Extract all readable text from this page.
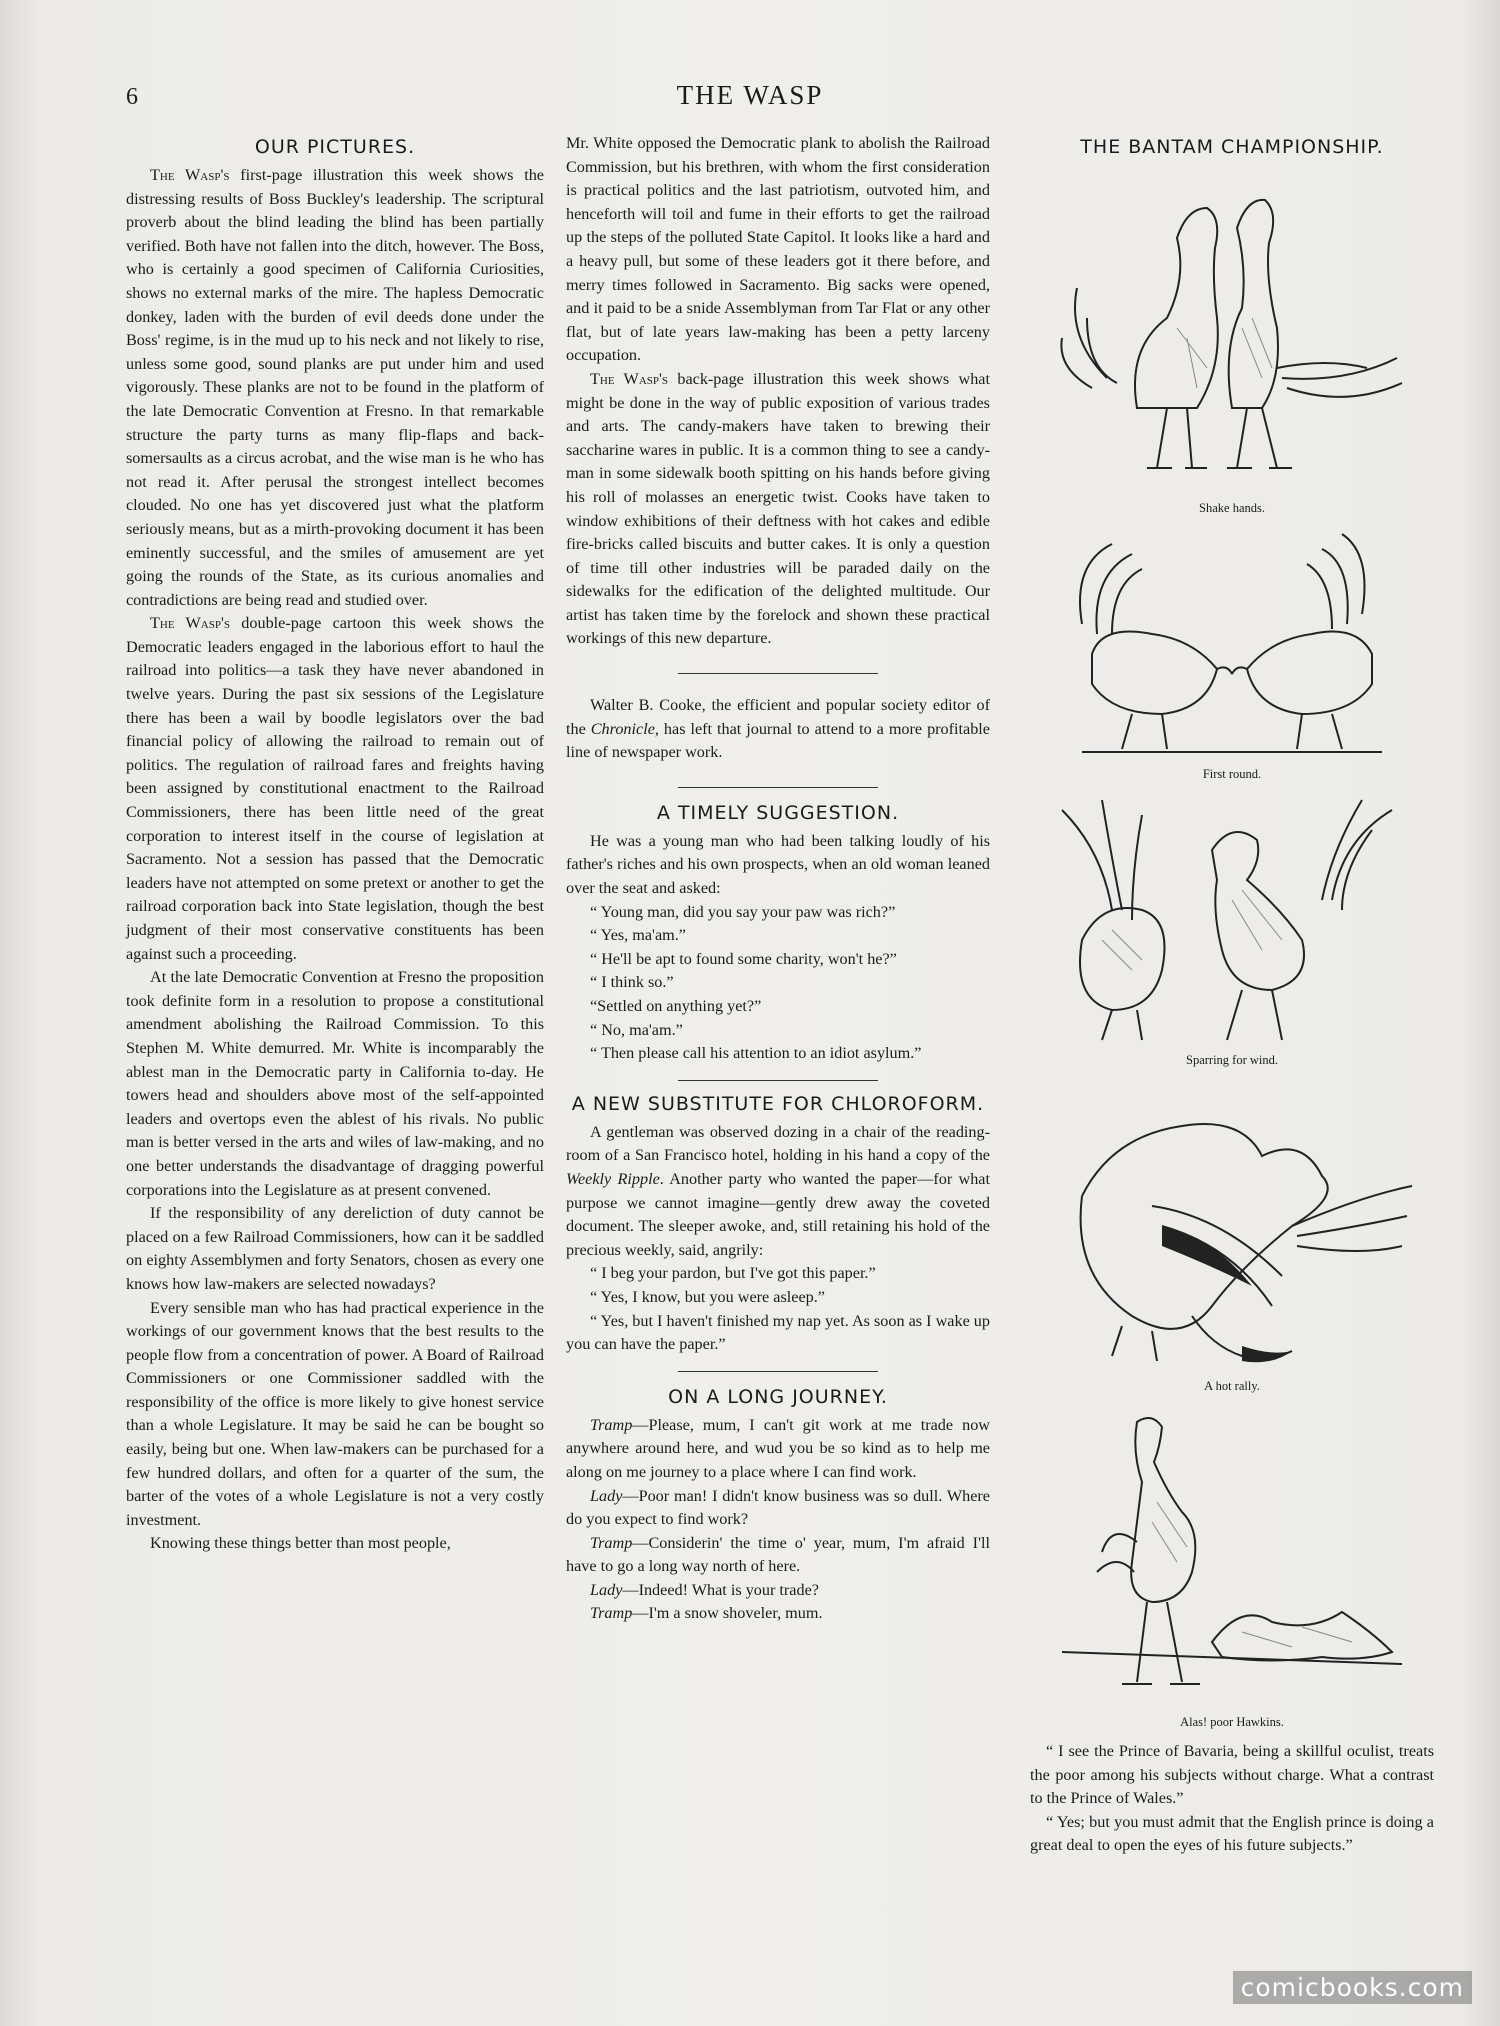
6	THE WASP
OUR PICTURES.

The Wasp's first-page illustration this week shows the distressing results of Boss Buckley's leadership. The scriptural proverb about the blind leading the blind has been partially verified. Both have not fallen into the ditch, however. The Boss, who is certainly a good specimen of California Curiosities, shows no external marks of the mire. The hapless Democratic donkey, laden with the burden of evil deeds done under the Boss' regime, is in the mud up to his neck and not likely to rise, unless some good, sound planks are put under him and used vigorously. These planks are not to be found in the platform of the late Democratic Convention at Fresno. In that remarkable structure the party turns as many flip-flaps and back-somersaults as a circus acrobat, and the wise man is he who has not read it. After perusal the strongest intellect becomes clouded. No one has yet discovered just what the platform seriously means, but as a mirth-provoking document it has been eminently successful, and the smiles of amusement are yet going the rounds of the State, as its curious anomalies and contradictions are being read and studied over.

The Wasp's double-page cartoon this week shows the Democratic leaders engaged in the laborious effort to haul the railroad into politics—a task they have never abandoned in twelve years. During the past six sessions of the Legislature there has been a wail by boodle legislators over the bad financial policy of allowing the railroad to remain out of politics. The regulation of railroad fares and freights having been assigned by constitutional enactment to the Railroad Commissioners, there has been little need of the great corporation to interest itself in the course of legislation at Sacramento. Not a session has passed that the Democratic leaders have not attempted on some pretext or another to get the railroad corporation back into State legislation, though the best judgment of their most conservative constituents has been against such a proceeding.

At the late Democratic Convention at Fresno the proposition took definite form in a resolution to propose a constitutional amendment abolishing the Railroad Commission. To this Stephen M. White demurred. Mr. White is incomparably the ablest man in the Democratic party in California to-day. He towers head and shoulders above most of the self-appointed leaders and overtops even the ablest of his rivals. No public man is better versed in the arts and wiles of law-making, and no one better understands the disadvantage of dragging powerful corporations into the Legislature as at present convened.

If the responsibility of any dereliction of duty cannot be placed on a few Railroad Commissioners, how can it be saddled on eighty Assemblymen and forty Senators, chosen as every one knows how law-makers are selected nowadays?

Every sensible man who has had practical experience in the workings of our government knows that the best results to the people flow from a concentration of power. A Board of Railroad Commissioners or one Commissioner saddled with the responsibility of the office is more likely to give honest service than a whole Legislature. It may be said he can be bought so easily, being but one. When law-makers can be purchased for a few hundred dollars, and often for a quarter of the sum, the barter of the votes of a whole Legislature is not a very costly investment.

Knowing these things better than most people,

Mr. White opposed the Democratic plank to abolish the Railroad Commission, but his brethren, with whom the first consideration is practical politics and the last patriotism, outvoted him, and henceforth will toil and fume in their efforts to get the railroad up the steps of the polluted State Capitol. It looks like a hard and a heavy pull, but some of these leaders got it there before, and merry times followed in Sacramento. Big sacks were opened, and it paid to be a snide Assemblyman from Tar Flat or any other flat, but of late years law-making has been a petty larceny occupation.

The Wasp's back-page illustration this week shows what might be done in the way of public exposition of various trades and arts. The candy-makers have taken to brewing their saccharine wares in public. It is a common thing to see a candy-man in some sidewalk booth spitting on his hands before giving his roll of molasses an energetic twist. Cooks have taken to window exhibitions of their deftness with hot cakes and edible fire-bricks called biscuits and butter cakes. It is only a question of time till other industries will be paraded daily on the sidewalks for the edification of the delighted multitude. Our artist has taken time by the forelock and shown these practical workings of this new departure.

Walter B. Cooke, the efficient and popular society editor of the Chronicle, has left that journal to attend to a more profitable line of newspaper work.

A TIMELY SUGGESTION.

He was a young man who had been talking loudly of his father's riches and his own prospects, when an old woman leaned over the seat and asked:

“ Young man, did you say your paw was rich?”

“ Yes, ma'am.”

“ He'll be apt to found some charity, won't he?”

“ I think so.”

“Settled on anything yet?”

“ No, ma'am.”

“ Then please call his attention to an idiot asylum.”

A NEW SUBSTITUTE FOR CHLOROFORM.

A gentleman was observed dozing in a chair of the reading-room of a San Francisco hotel, holding in his hand a copy of the Weekly Ripple. Another party who wanted the paper—for what purpose we cannot imagine—gently drew away the coveted document. The sleeper awoke, and, still retaining his hold of the precious weekly, said, angrily:

“ I beg your pardon, but I've got this paper.”

“ Yes, I know, but you were asleep.”

“ Yes, but I haven't finished my nap yet. As soon as I wake up you can have the paper.”

ON A LONG JOURNEY.

Tramp—Please, mum, I can't git work at me trade now anywhere around here, and wud you be so kind as to help me along on me journey to a place where I can find work.

Lady—Poor man! I didn't know business was so dull. Where do you expect to find work?

Tramp—Considerin' the time o' year, mum, I'm afraid I'll have to go a long way north of here.

Lady—Indeed! What is your trade?

Tramp—I'm a snow shoveler, mum.

THE BANTAM CHAMPIONSHIP.
Shake hands.
First round.
Sparring for wind.
A hot rally.
Alas! poor Hawkins.

“ I see the Prince of Bavaria, being a skillful oculist, treats the poor among his subjects without charge. What a contrast to the Prince of Wales.”

“ Yes; but you must admit that the English prince is doing a great deal to open the eyes of his future subjects.”

comicbooks.com
